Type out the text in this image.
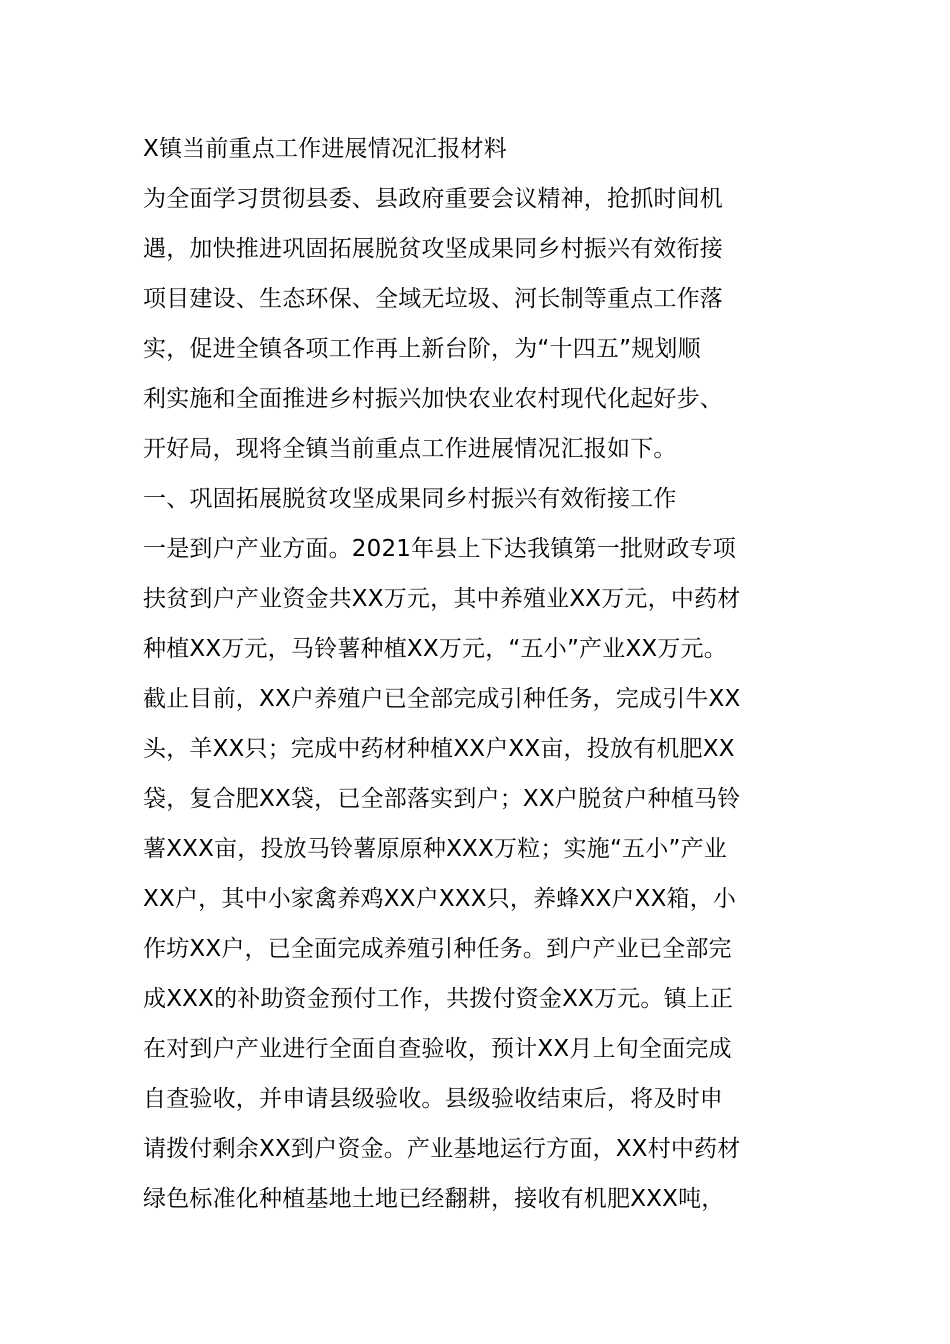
X镇当前重点工作进展情况汇报材料
为全面学习贯彻县委、县政府重要会议精神，抢抓时间机
遇，加快推进巩固拓展脱贫攻坚成果同乡村振兴有效衔接
项目建设、生态环保、全域无垃圾、河长制等重点工作落
实，促进全镇各项工作再上新台阶，为“十四五”规划顺
利实施和全面推进乡村振兴加快农业农村现代化起好步、
开好局，现将全镇当前重点工作进展情况汇报如下。
一、巩固拓展脱贫攻坚成果同乡村振兴有效衔接工作
一是到户产业方面。2021年县上下达我镇第一批财政专项
扶贫到户产业资金共XX万元，其中养殖业XX万元，中药材
种植XX万元，马铃薯种植XX万元，“五小”产业XX万元。
截止目前，XX户养殖户已全部完成引种任务，完成引牛XX
头，羊XX只；完成中药材种植XX户XX亩，投放有机肥XX
袋，复合肥XX袋，已全部落实到户；XX户脱贫户种植马铃
薯XXX亩，投放马铃薯原原种XXX万粒；实施“五小”产业
XX户，其中小家禽养鸡XX户XXX只，养蜂XX户XX箱，小
作坊XX户，已全面完成养殖引种任务。到户产业已全部完
成XXX的补助资金预付工作，共拨付资金XX万元。镇上正
在对到户产业进行全面自查验收，预计XX月上旬全面完成
自查验收，并申请县级验收。县级验收结束后，将及时申
请拨付剩余XX到户资金。产业基地运行方面，XX村中药材
绿色标准化种植基地土地已经翻耕，接收有机肥XXX吨，
